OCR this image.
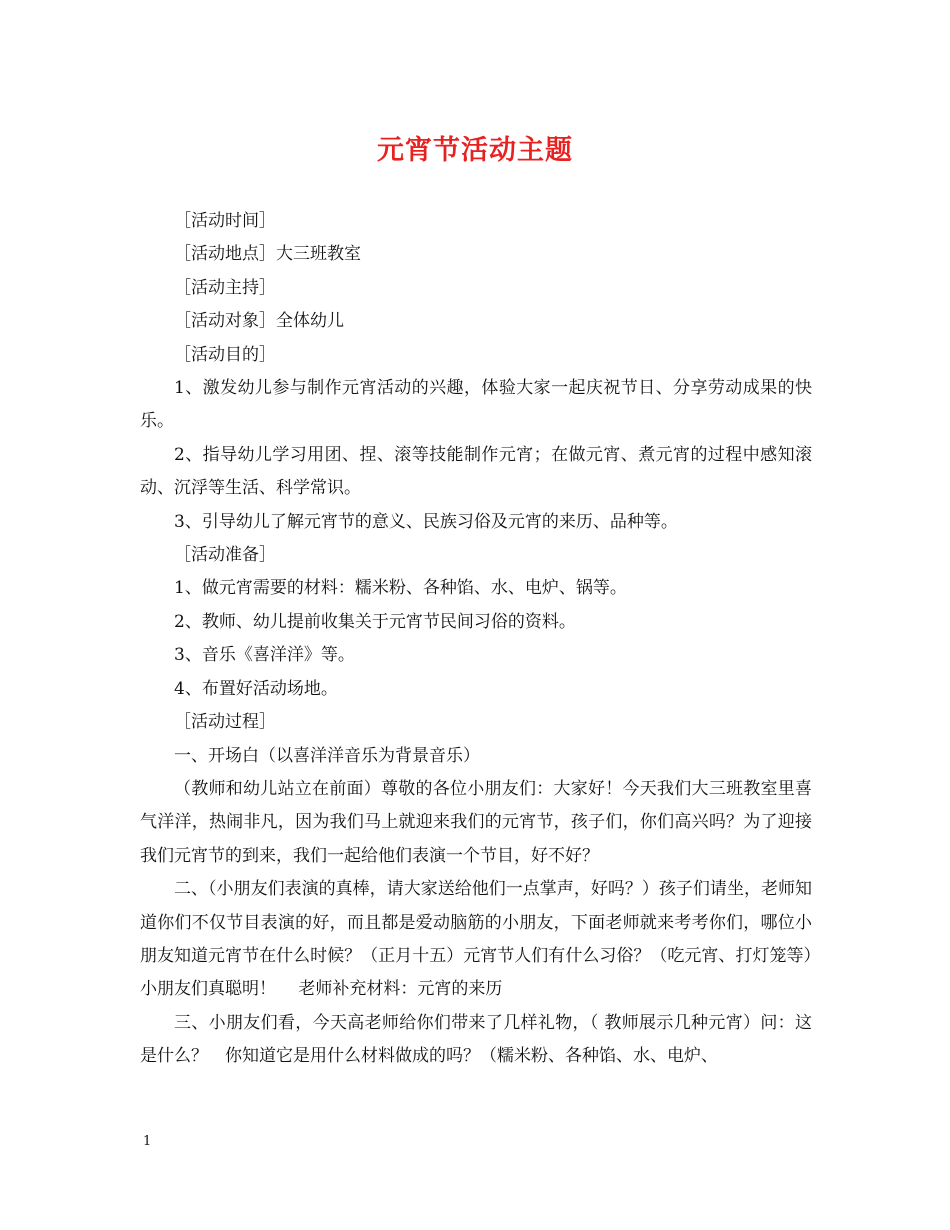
元宵节活动主题

［活动时间］

［活动地点］大三班教室

［活动主持］

［活动对象］全体幼儿

［活动目的］

1、激发幼儿参与制作元宵活动的兴趣，体验大家一起庆祝节日、分享劳动成果的快乐。

2、指导幼儿学习用团、捏、滚等技能制作元宵；在做元宵、煮元宵的过程中感知滚动、沉浮等生活、科学常识。

3、引导幼儿了解元宵节的意义、民族习俗及元宵的来历、品种等。

［活动准备］

1、做元宵需要的材料：糯米粉、各种馅、水、电炉、锅等。

2、教师、幼儿提前收集关于元宵节民间习俗的资料。

3、音乐《喜洋洋》等。

4、布置好活动场地。

［活动过程］

一、开场白（以喜洋洋音乐为背景音乐）

（教师和幼儿站立在前面）尊敬的各位小朋友们：大家好！今天我们大三班教室里喜气洋洋，热闹非凡，因为我们马上就迎来我们的元宵节，孩子们，你们高兴吗？为了迎接我们元宵节的到来，我们一起给他们表演一个节目，好不好？

二、（小朋友们表演的真棒，请大家送给他们一点掌声，好吗？）孩子们请坐，老师知道你们不仅节目表演的好，而且都是爱动脑筋的小朋友，下面老师就来考考你们，哪位小朋友知道元宵节在什么时候？（正月十五）元宵节人们有什么习俗？（吃元宵、打灯笼等）小朋友们真聪明！　 老师补充材料：元宵的来历

三、小朋友们看，今天高老师给你们带来了几样礼物，（ 教师展示几种元宵）问：这是什么？　你知道它是用什么材料做成的吗？（糯米粉、各种馅、水、电炉、

1
